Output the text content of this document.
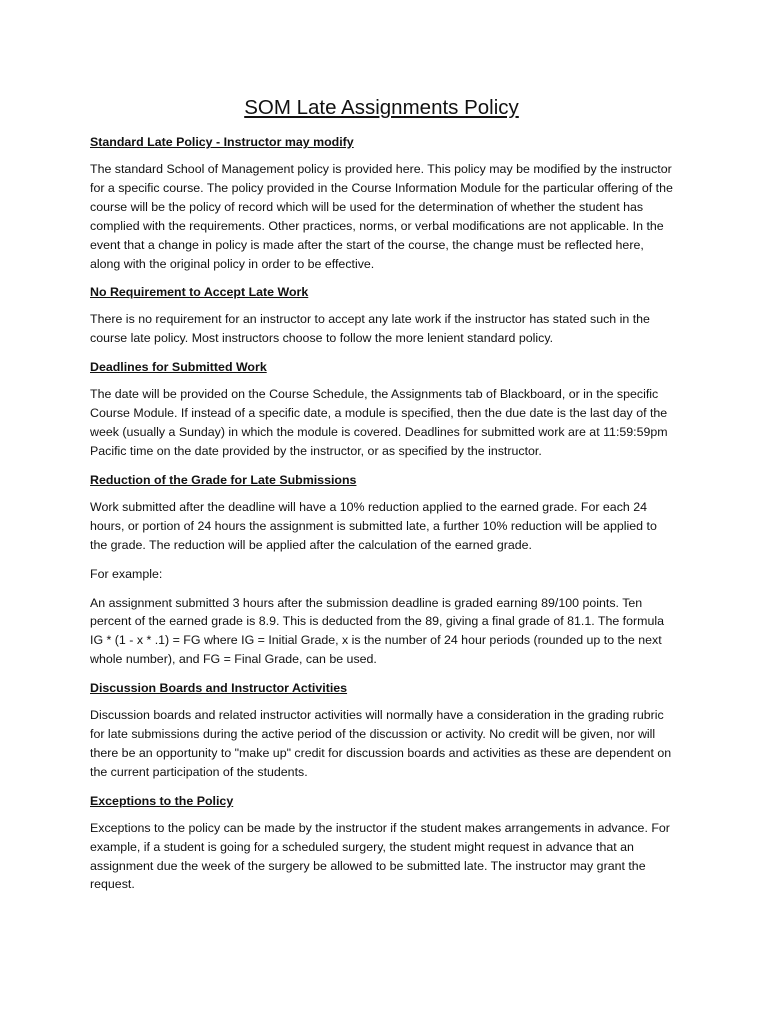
SOM Late Assignments Policy
Standard Late Policy - Instructor may modify

The standard School of Management policy is provided here. This policy may be modified by the instructor for a specific course. The policy provided in the Course Information Module for the particular offering of the course will be the policy of record which will be used for the determination of whether the student has complied with the requirements. Other practices, norms, or verbal modifications are not applicable. In the event that a change in policy is made after the start of the course, the change must be reflected here, along with the original policy in order to be effective.

No Requirement to Accept Late Work

There is no requirement for an instructor to accept any late work if the instructor has stated such in the course late policy. Most instructors choose to follow the more lenient standard policy.

Deadlines for Submitted Work

The date will be provided on the Course Schedule, the Assignments tab of Blackboard, or in the specific Course Module. If instead of a specific date, a module is specified, then the due date is the last day of the week (usually a Sunday) in which the module is covered. Deadlines for submitted work are at 11:59:59pm Pacific time on the date provided by the instructor, or as specified by the instructor.

Reduction of the Grade for Late Submissions

Work submitted after the deadline will have a 10% reduction applied to the earned grade. For each 24 hours, or portion of 24 hours the assignment is submitted late, a further 10% reduction will be applied to the grade. The reduction will be applied after the calculation of the earned grade.

For example:

An assignment submitted 3 hours after the submission deadline is graded earning 89/100 points. Ten percent of the earned grade is 8.9. This is deducted from the 89, giving a final grade of 81.1. The formula IG * (1 - x * .1) = FG where IG = Initial Grade, x is the number of 24 hour periods (rounded up to the next whole number), and FG = Final Grade, can be used.

Discussion Boards and Instructor Activities

Discussion boards and related instructor activities will normally have a consideration in the grading rubric for late submissions during the active period of the discussion or activity. No credit will be given, nor will there be an opportunity to "make up" credit for discussion boards and activities as these are dependent on the current participation of the students.

Exceptions to the Policy

Exceptions to the policy can be made by the instructor if the student makes arrangements in advance. For example, if a student is going for a scheduled surgery, the student might request in advance that an assignment due the week of the surgery be allowed to be submitted late. The instructor may grant the request.
